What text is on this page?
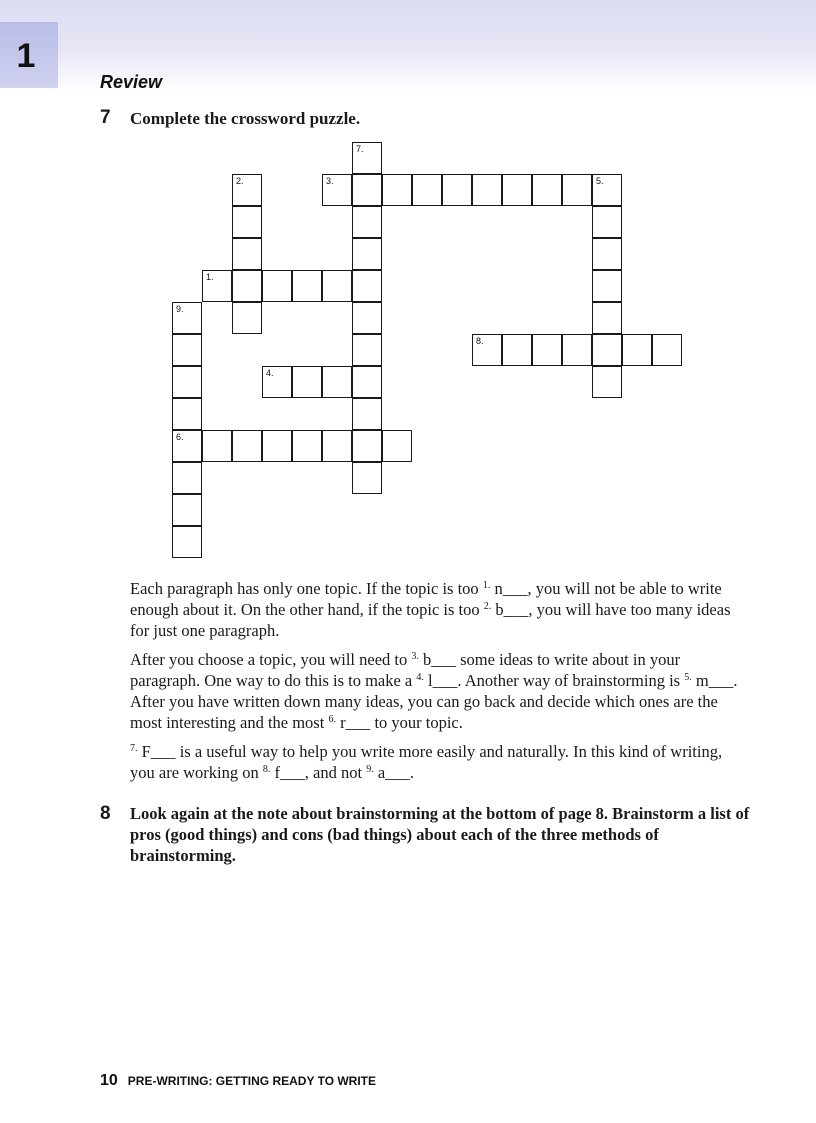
1
Review
7 Complete the crossword puzzle.
2.	3.	5.
7.
1.
9.
6.
8.
4.

Each paragraph has only one topic. If the topic is too $^{1.}$ n___, you will not be able to write enough about it. On the other hand, if the topic is too $^{2.}$ b___, you will have too many ideas for just one paragraph.

After you choose a topic, you will need to $^{3.}$ b___ some ideas to write about in your paragraph. One way to do this is to make a $^{4.}$ l___. Another way of brainstorming is $^{5.}$ m___. After you have written down many ideas, you can go back and decide which ones are the most interesting and the most $^{6.}$ r___ to your topic.

$^{7.}$ F___ is a useful way to help you write more easily and naturally. In this kind of writing, you are working on $^{8.}$ f___, and not $^{9.}$ a___.

8 Look again at the note about brainstorming at the bottom of page 8. Brainstorm a list of pros (good things) and cons (bad things) about each of the three methods of brainstorming.

10 PRE-WRITING: GETTING READY TO WRITE
